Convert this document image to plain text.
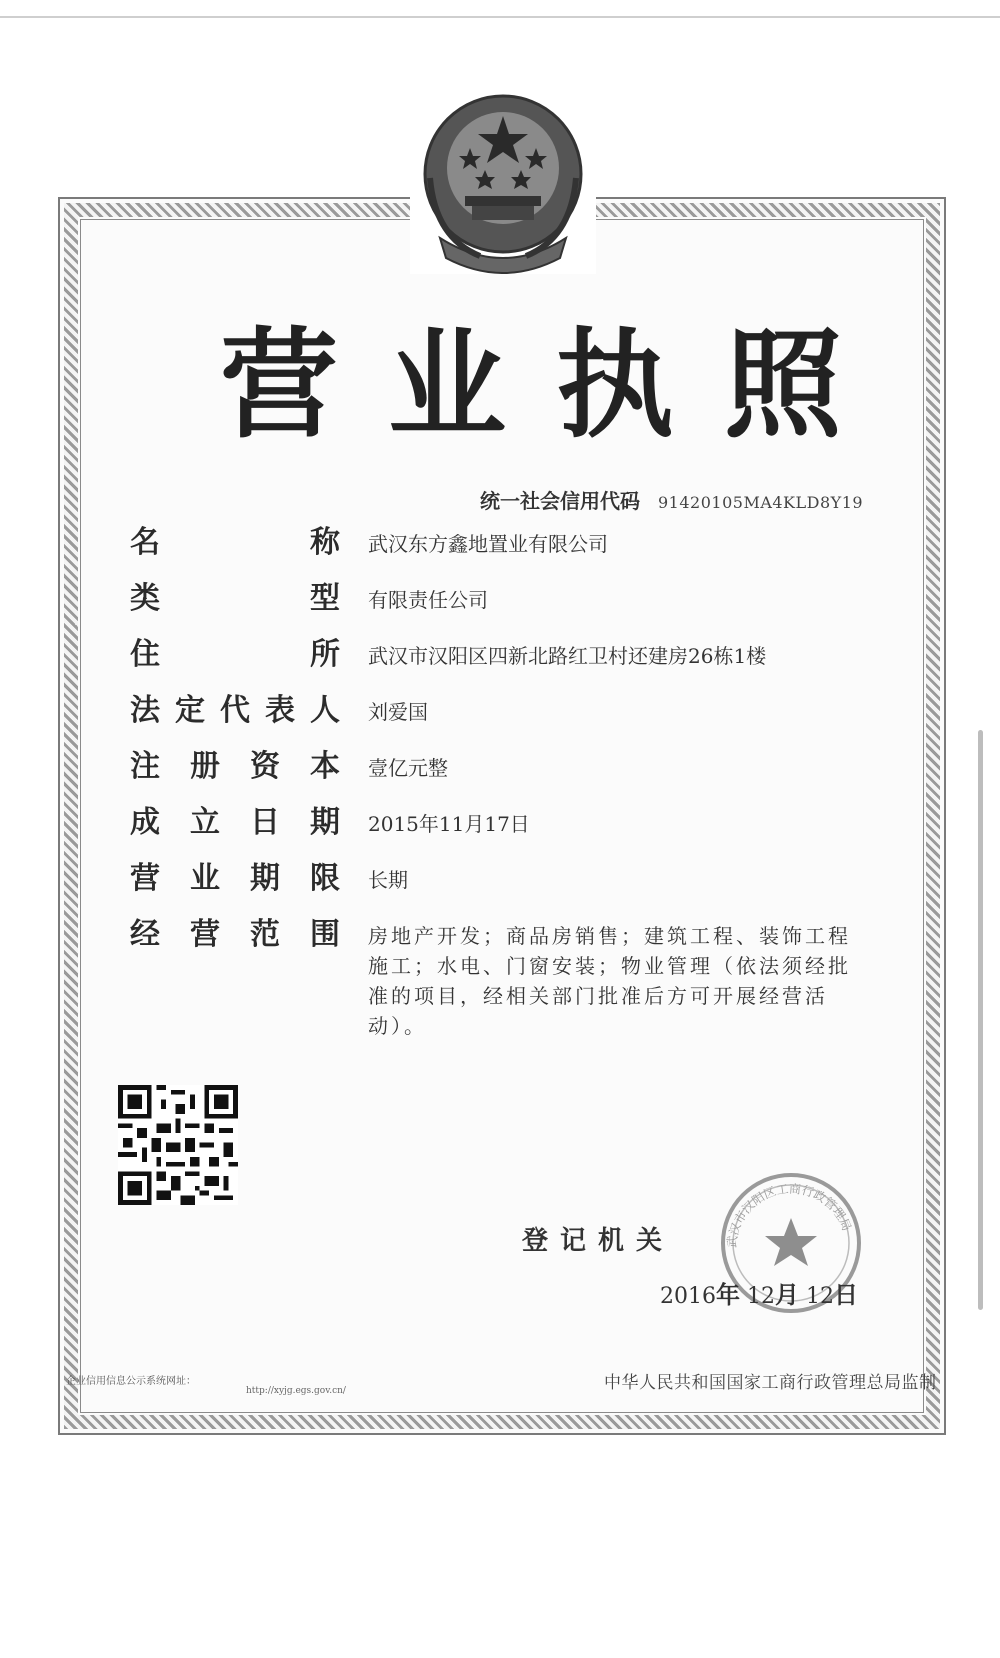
营业执照
统一社会信用代码 91420105MA4KLD8Y19
名	称 武汉东方鑫地置业有限公司
类	型 有限责任公司
住	所 武汉市汉阳区四新北路红卫村还建房26栋1楼
法 定 代 表 人 刘爱国
注 册 资 本 壹亿元整
成 立 日 期 2015年11月17日
营 业 期 限 长期
经 营 范 围 房地产开发；商品房销售；建筑工程、装饰工程施工；水电、门窗安装；物业管理（依法须经批准的项目，经相关部门批准后方可开展经营活动）。
登记机关	武汉市汉阳区工商行政管理局
2016年 12月 12日
企业信用信息公示系统网址：
http://xyjg.egs.gov.cn/	中华人民共和国国家工商行政管理总局监制
